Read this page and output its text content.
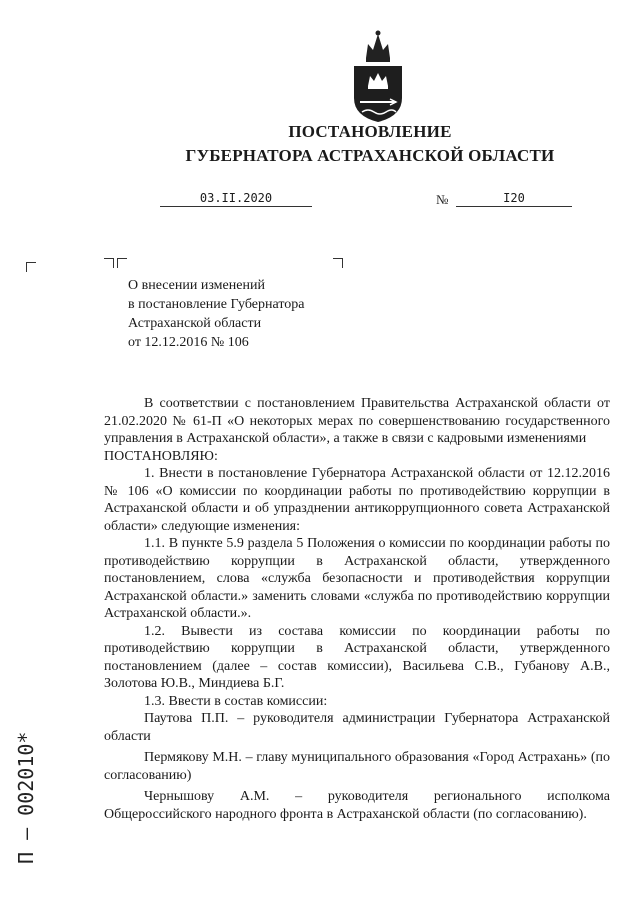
ПОСТАНОВЛЕНИЕ
ГУБЕРНАТОРА АСТРАХАНСКОЙ ОБЛАСТИ
03.II.2020	№	I20
О внесении изменений
в постановление Губернатора
Астраханской области
от 12.12.2016 № 106

В соответствии с постановлением Правительства Астраханской области от 21.02.2020 № 61-П «О некоторых мерах по совершенствованию государственного управления в Астраханской области», а также в связи с кадровыми изменениями

ПОСТАНОВЛЯЮ:

1. Внести в постановление Губернатора Астраханской области от 12.12.2016 № 106 «О комиссии по координации работы по противодействию коррупции в Астраханской области и об упразднении антикоррупционного совета Астраханской области» следующие изменения:

1.1. В пункте 5.9 раздела 5 Положения о комиссии по координации работы по противодействию коррупции в Астраханской области, утвержденного постановлением, слова «служба безопасности и противодействия коррупции Астраханской области.» заменить словами «служба по противодействию коррупции Астраханской области.».

1.2. Вывести из состава комиссии по координации работы по противодействию коррупции в Астраханской области, утвержденного постановлением (далее – состав комиссии), Васильева С.В., Губанову А.В., Золотова Ю.В., Миндиева Б.Г.

1.3. Ввести в состав комиссии:

Паутова П.П. – руководителя администрации Губернатора Астраханской области

Пермякову М.Н. – главу муниципального образования «Город Астрахань» (по согласованию)

Чернышову А.М. – руководителя регионального исполкома Общероссийского народного фронта в Астраханской области (по согласованию).

П – 002010*
